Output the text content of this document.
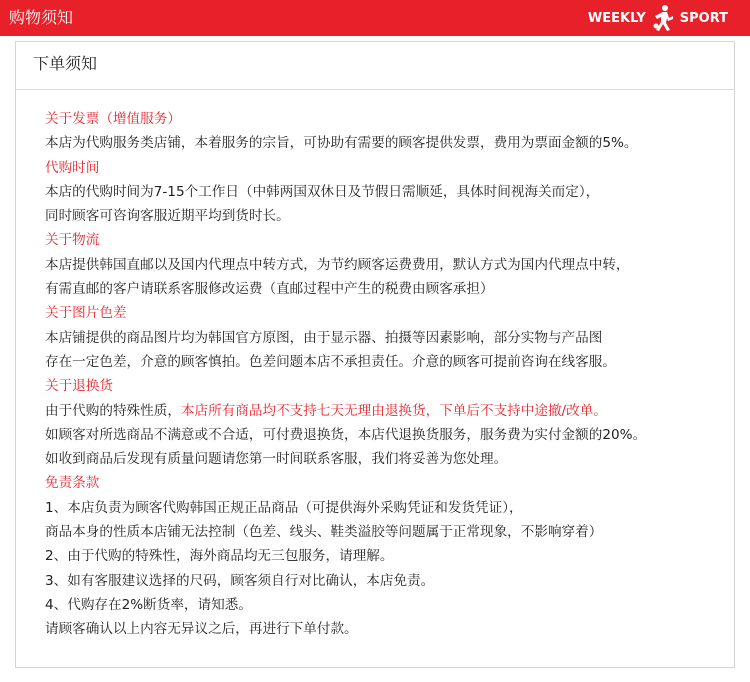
购物须知	WEEKLY	SPORT
下单须知
关于发票（增值服务）
本店为代购服务类店铺，本着服务的宗旨，可协助有需要的顾客提供发票，费用为票面金额的5%。
代购时间
本店的代购时间为7-15个工作日（中韩两国双休日及节假日需顺延，具体时间视海关而定），
同时顾客可咨询客服近期平均到货时长。
关于物流
本店提供韩国直邮以及国内代理点中转方式，为节约顾客运费费用，默认方式为国内代理点中转，
有需直邮的客户请联系客服修改运费（直邮过程中产生的税费由顾客承担）
关于图片色差
本店铺提供的商品图片均为韩国官方原图，由于显示器、拍摄等因素影响，部分实物与产品图
存在一定色差，介意的顾客慎拍。色差问题本店不承担责任。介意的顾客可提前咨询在线客服。
关于退换货
由于代购的特殊性质，本店所有商品均不支持七天无理由退换货，下单后不支持中途撤/改单。
如顾客对所选商品不满意或不合适，可付费退换货，本店代退换货服务，服务费为实付金额的20%。
如收到商品后发现有质量问题请您第一时间联系客服，我们将妥善为您处理。
免责条款
1、本店负责为顾客代购韩国正规正品商品（可提供海外采购凭证和发货凭证），
商品本身的性质本店铺无法控制（色差、线头、鞋类溢胶等问题属于正常现象，不影响穿着）
2、由于代购的特殊性，海外商品均无三包服务，请理解。
3、如有客服建议选择的尺码，顾客须自行对比确认，本店免责。
4、代购存在2%断货率，请知悉。
请顾客确认以上内容无异议之后，再进行下单付款。
